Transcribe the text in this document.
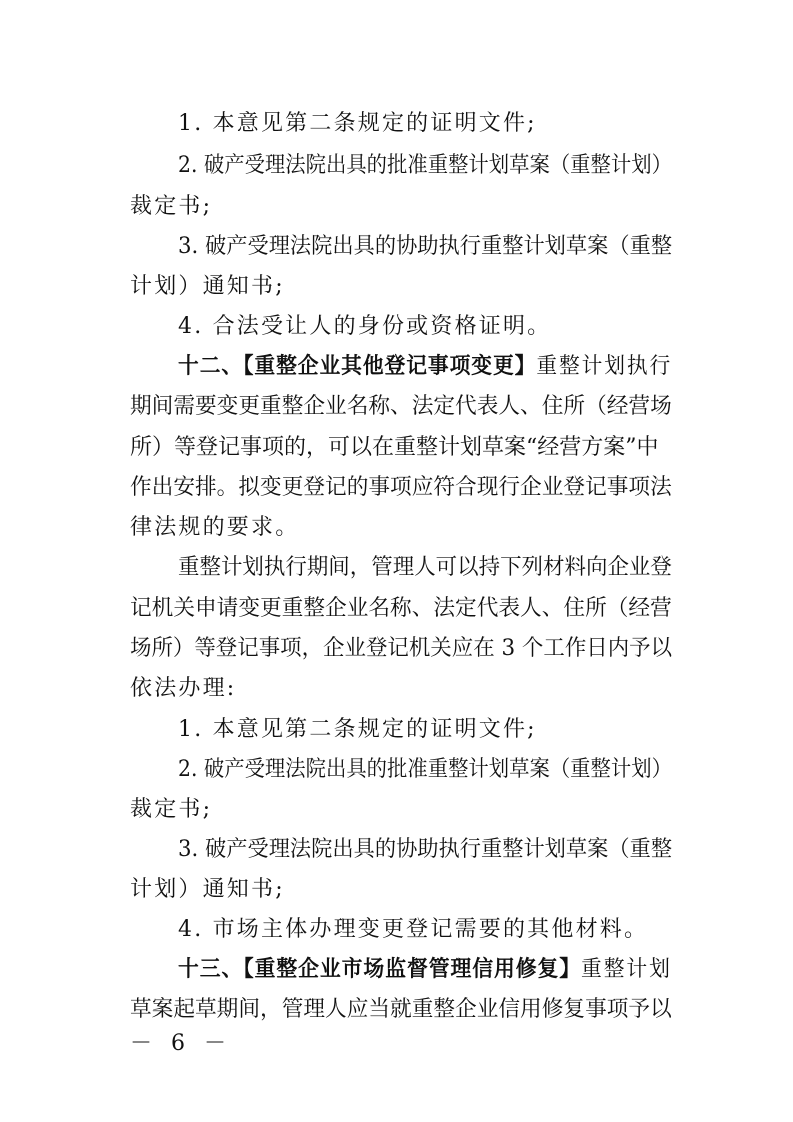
1. 本意见第二条规定的证明文件;
2. 破产受理法院出具的批准重整计划草案（重整计划）
裁定书;
3. 破产受理法院出具的协助执行重整计划草案（重整
计划）通知书;
4. 合法受让人的身份或资格证明。
十二、【重整企业其他登记事项变更】重整计划执行
期间需要变更重整企业名称、法定代表人、住所（经营场
所）等登记事项的，可以在重整计划草案“经营方案”中
作出安排。拟变更登记的事项应符合现行企业登记事项法
律法规的要求。
重整计划执行期间，管理人可以持下列材料向企业登
记机关申请变更重整企业名称、法定代表人、住所（经营
场所）等登记事项，企业登记机关应在 3 个工作日内予以
依法办理:
1. 本意见第二条规定的证明文件;
2. 破产受理法院出具的批准重整计划草案（重整计划）
裁定书;
3. 破产受理法院出具的协助执行重整计划草案（重整
计划）通知书;
4. 市场主体办理变更登记需要的其他材料。
十三、【重整企业市场监督管理信用修复】重整计划
草案起草期间，管理人应当就重整企业信用修复事项予以
－ 6 －
